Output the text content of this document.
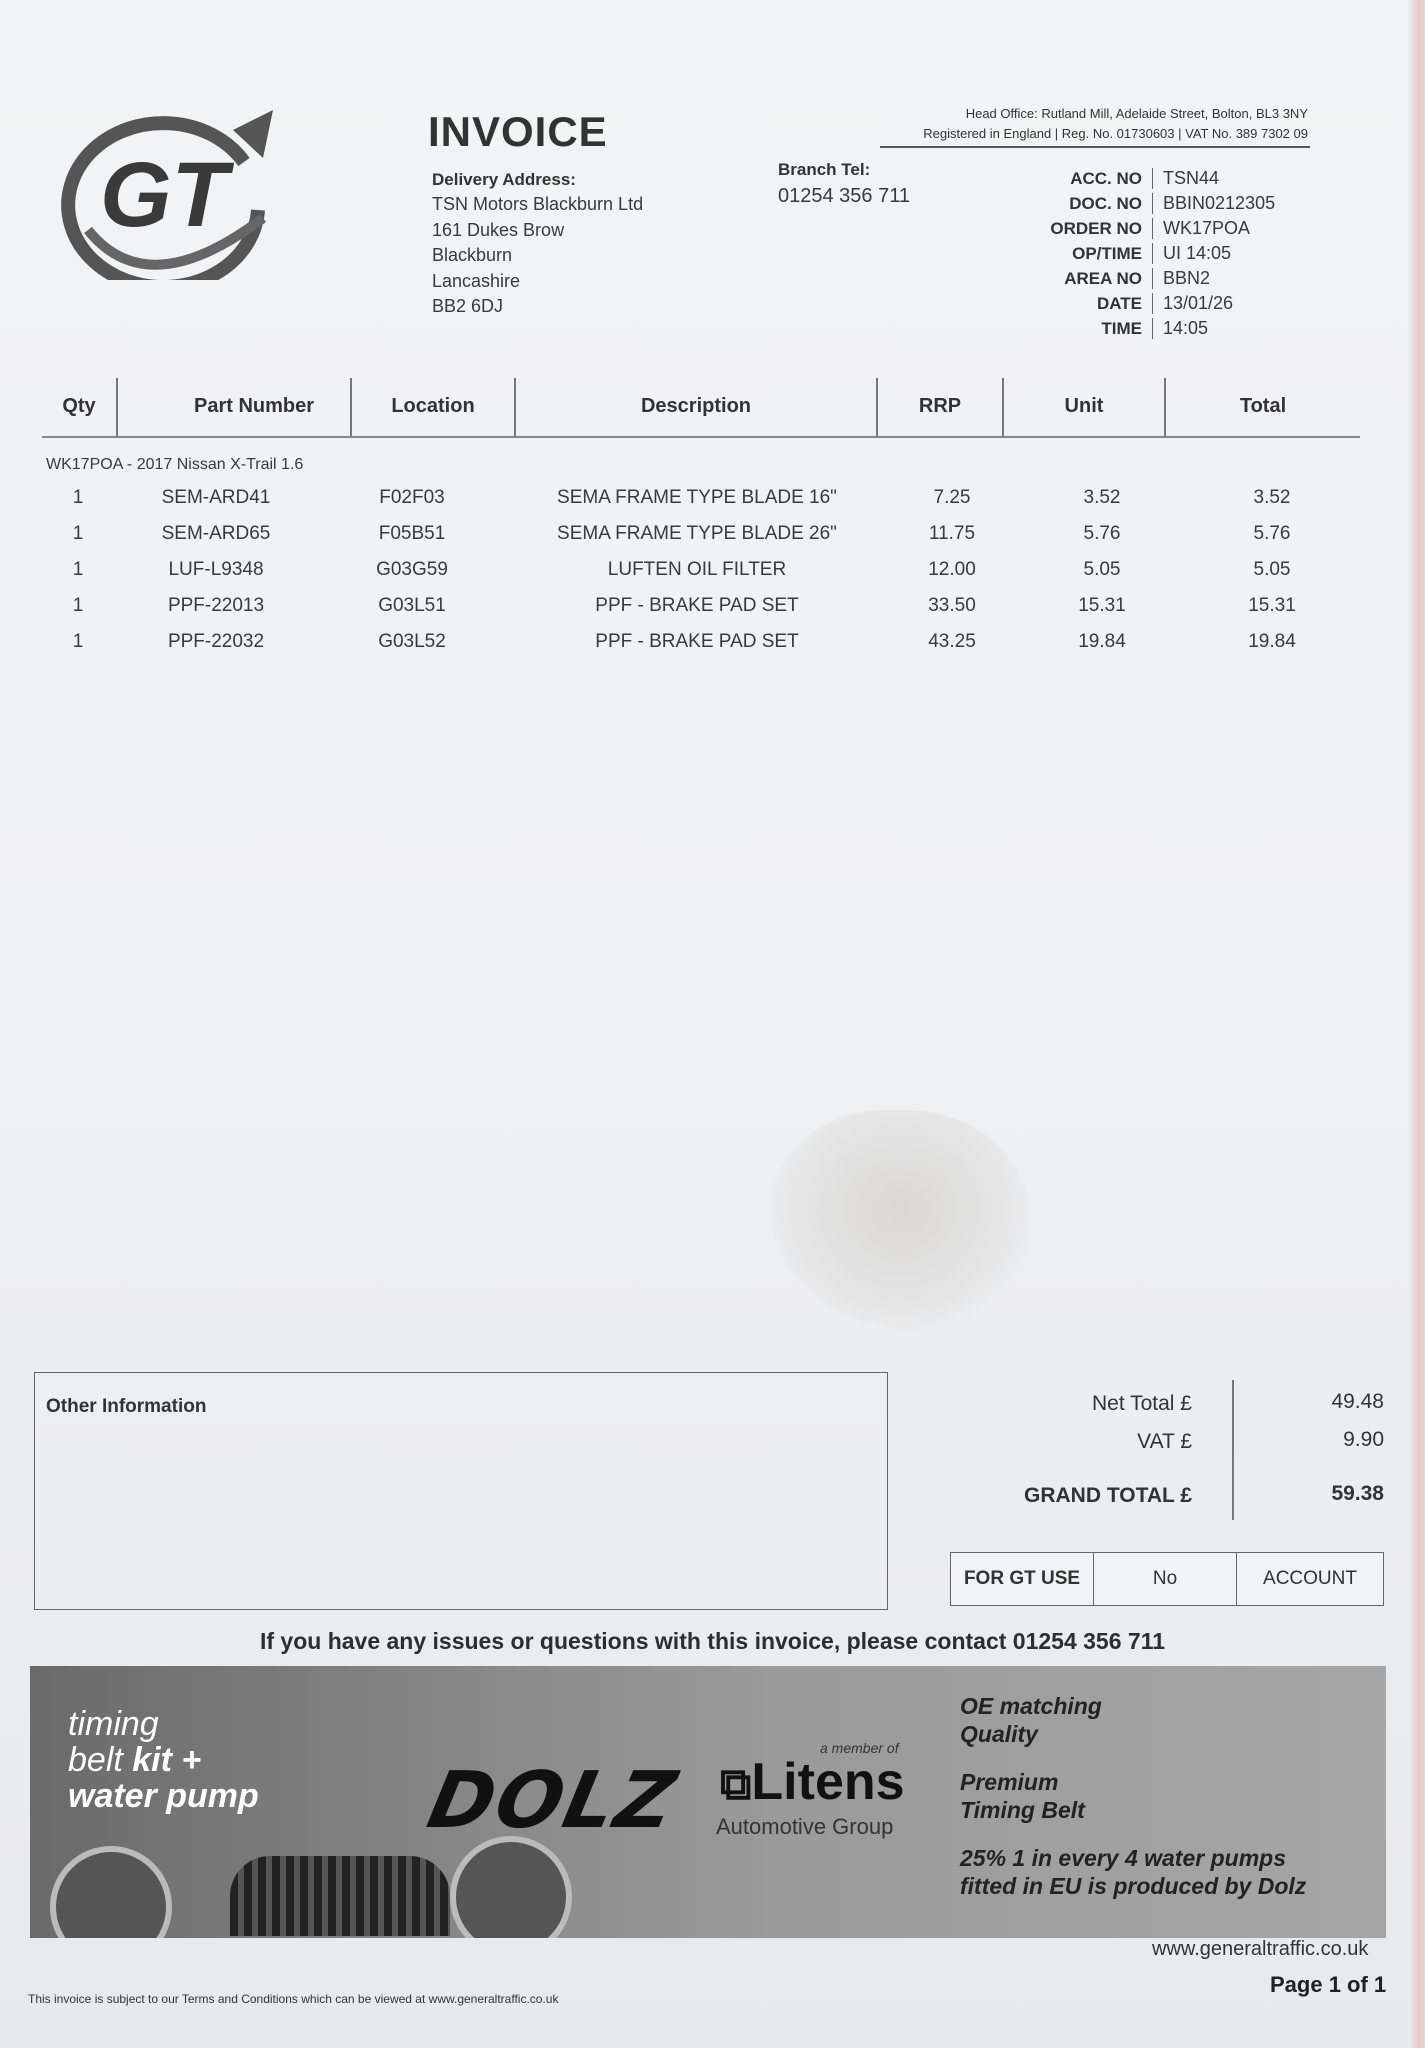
GT
INVOICE	Head Office: Rutland Mill, Adelaide Street, Bolton, BL3 3NY
Registered in England | Reg. No. 01730603 | VAT No. 389 7302 09
Delivery Address:
TSN Motors Blackburn Ltd
161 Dukes Brow
Blackburn
Lancashire
BB2 6DJ
Branch Tel:
01254 356 711
ACC. NO	TSN44
DOC. NO	BBIN0212305
ORDER NO	WK17POA
OP/TIME	UI 14:05
AREA NO	BBN2
DATE	13/01/26
TIME	14:05
Qty	Part Number	Location	Description	RRP	Unit	Total
WK17POA - 2017 Nissan X-Trail 1.6
1	SEM-ARD41	F02F03	SEMA FRAME TYPE BLADE 16"	7.25	3.52	3.52
1	SEM-ARD65	F05B51	SEMA FRAME TYPE BLADE 26"	11.75	5.76	5.76
1	LUF-L9348	G03G59	LUFTEN OIL FILTER	12.00	5.05	5.05
1	PPF-22013	G03L51	PPF - BRAKE PAD SET	33.50	15.31	15.31
1	PPF-22032	G03L52	PPF - BRAKE PAD SET	43.25	19.84	19.84
Other Information	Net Total £	49.48
VAT £	9.90
GRAND TOTAL £	59.38
FOR GT USE	No	ACCOUNT
If you have any issues or questions with this invoice, please contact 01254 356 711
timing
belt kit +
water pump DOLZ
a member of
⧉Litens
Automotive Group
OE matching
Quality
Premium
Timing Belt
25% 1 in every 4 water pumps
fitted in EU is produced by Dolz
www.generaltraffic.co.uk
Page 1 of 1
This invoice is subject to our Terms and Conditions which can be viewed at www.generaltraffic.co.uk
